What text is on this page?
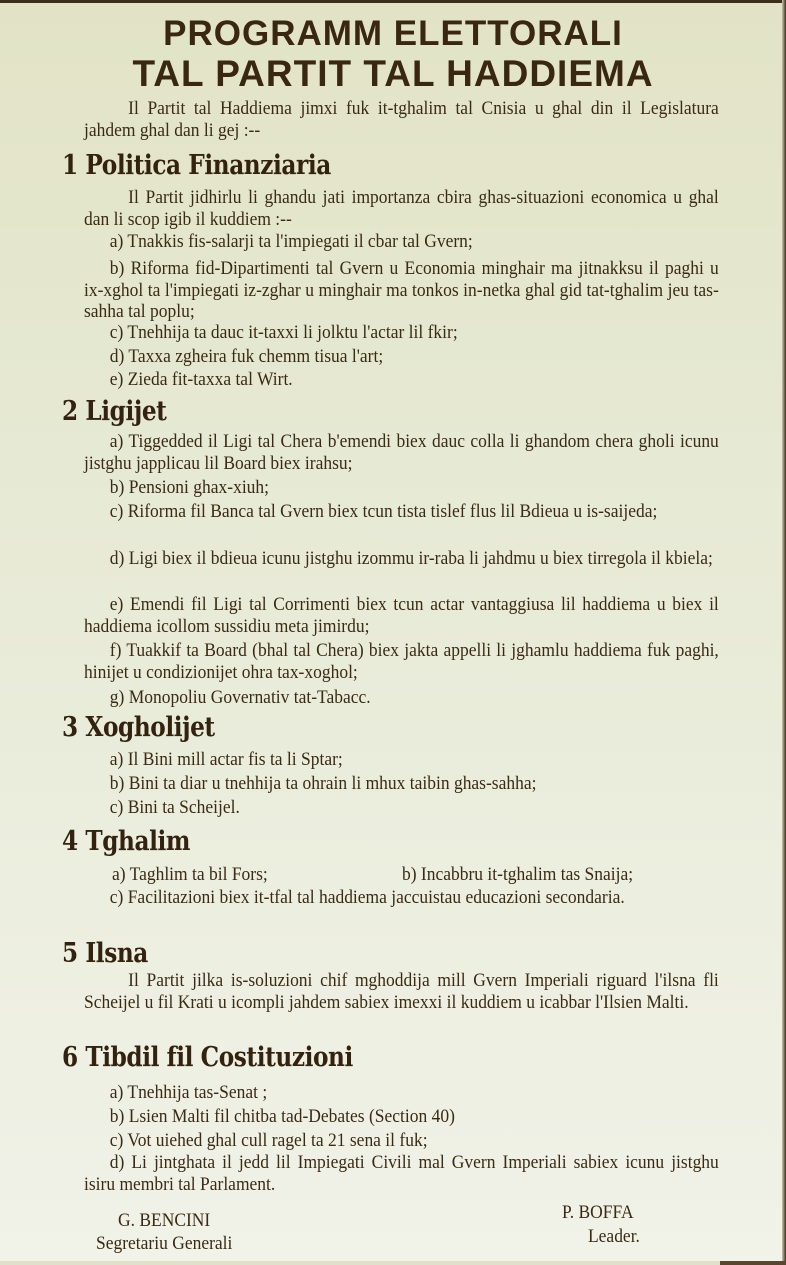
PROGRAMM ELETTORALI
TAL PARTIT TAL HADDIEMA
Il Partit tal Haddiema jimxi fuk it-tghalim tal Cnisia u ghal din il Legislatura jahdem ghal dan li gej :--
1 Politica Finanziaria
Il Partit jidhirlu li ghandu jati importanza cbira ghas-situazioni economica u ghal dan li scop igib il kuddiem :--
a) Tnakkis fis-salarji ta l'impiegati il cbar tal Gvern;
b) Riforma fid-Dipartimenti tal Gvern u Economia minghair ma jitnakksu il paghi u ix-xghol ta l'impiegati iz-zghar u minghair ma tonkos in-netka ghal gid tat-tghalim jeu tas-sahha tal poplu;
c) Tnehhija ta dauc it-taxxi li jolktu l'actar lil fkir;
d) Taxxa zgheira fuk chemm tisua l'art;
e) Zieda fit-taxxa tal Wirt.
2 Ligijet
a) Tiggedded il Ligi tal Chera b'emendi biex dauc colla li ghandom chera gholi icunu jistghu japplicau lil Board biex irahsu;
b) Pensioni ghax-xiuh;
c) Riforma fil Banca tal Gvern biex tcun tista tislef flus lil Bdieua u is-saijeda;
d) Ligi biex il bdieua icunu jistghu izommu ir-raba li jahdmu u biex tirregola il kbiela;
e) Emendi fil Ligi tal Corrimenti biex tcun actar vantaggiusa lil haddiema u biex il haddiema icollom sussidiu meta jimirdu;
f) Tuakkif ta Board (bhal tal Chera) biex jakta appelli li jghamlu haddiema fuk paghi, hinijet u condizionijet ohra tax-xoghol;
g) Monopoliu Governativ tat-Tabacc.
3 Xogholijet
a) Il Bini mill actar fis ta li Sptar;
b) Bini ta diar u tnehhija ta ohrain li mhux taibin ghas-sahha;
c) Bini ta Scheijel.
4 Tghalim
a) Taghlim ta bil Fors;	b) Incabbru it-tghalim tas Snaija;
c) Facilitazioni biex it-tfal tal haddiema jaccuistau educazioni secondaria.
5 Ilsna
Il Partit jilka is-soluzioni chif mghoddija mill Gvern Imperiali riguard l'ilsna fli Scheijel u fil Krati u icompli jahdem sabiex imexxi il kuddiem u icabbar l'Ilsien Malti.
6 Tibdil fil Costituzioni
a) Tnehhija tas-Senat ;
b) Lsien Malti fil chitba tad-Debates (Section 40)
c) Vot uiehed ghal cull ragel ta 21 sena il fuk;
d) Li jintghata il jedd lil Impiegati Civili mal Gvern Imperiali sabiex icunu jistghu isiru membri tal Parlament.
G. BENCINI
Segretariu Generali
P. BOFFA
Leader.
